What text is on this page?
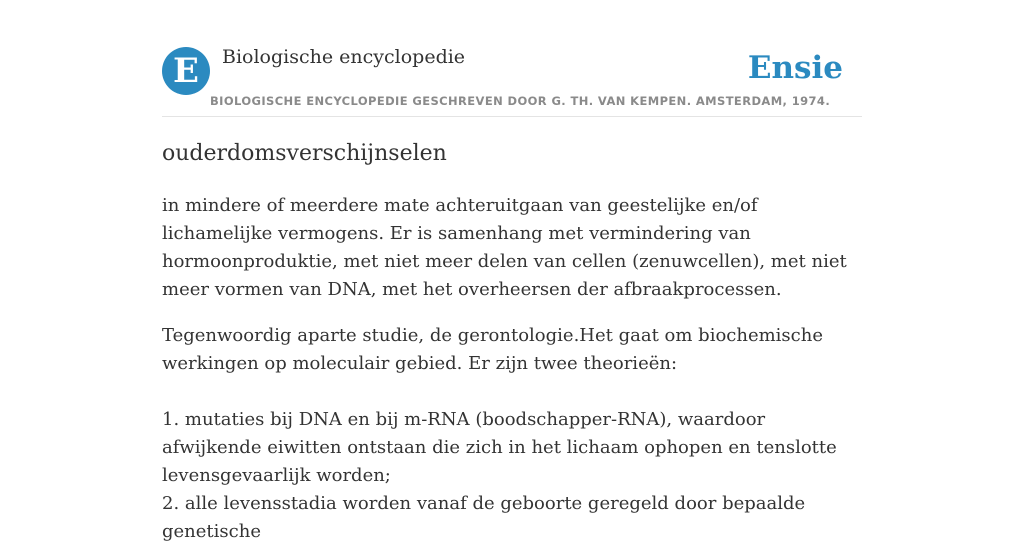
E	Biologische encyclopedie	Ensie
BIOLOGISCHE ENCYCLOPEDIE GESCHREVEN DOOR G. TH. VAN KEMPEN. AMSTERDAM, 1974.
ouderdomsverschijnselen

in mindere of meerdere mate achteruitgaan van geestelijke en/of lichamelijke vermogens. Er is samenhang met vermindering van hormoonproduktie, met niet meer delen van cellen (zenuwcellen), met niet meer vormen van DNA, met het overheersen der afbraakprocessen.

Tegenwoordig aparte studie, de gerontologie.Het gaat om biochemische werkingen op moleculair gebied. Er zijn twee theorieën:

1. mutaties bij DNA en bij m-RNA (boodschapper-RNA), waardoor afwijkende eiwitten ontstaan die zich in het lichaam ophopen en tenslotte levensgevaarlijk worden;

2. alle levensstadia worden vanaf de geboorte geregeld door bepaalde genetische
